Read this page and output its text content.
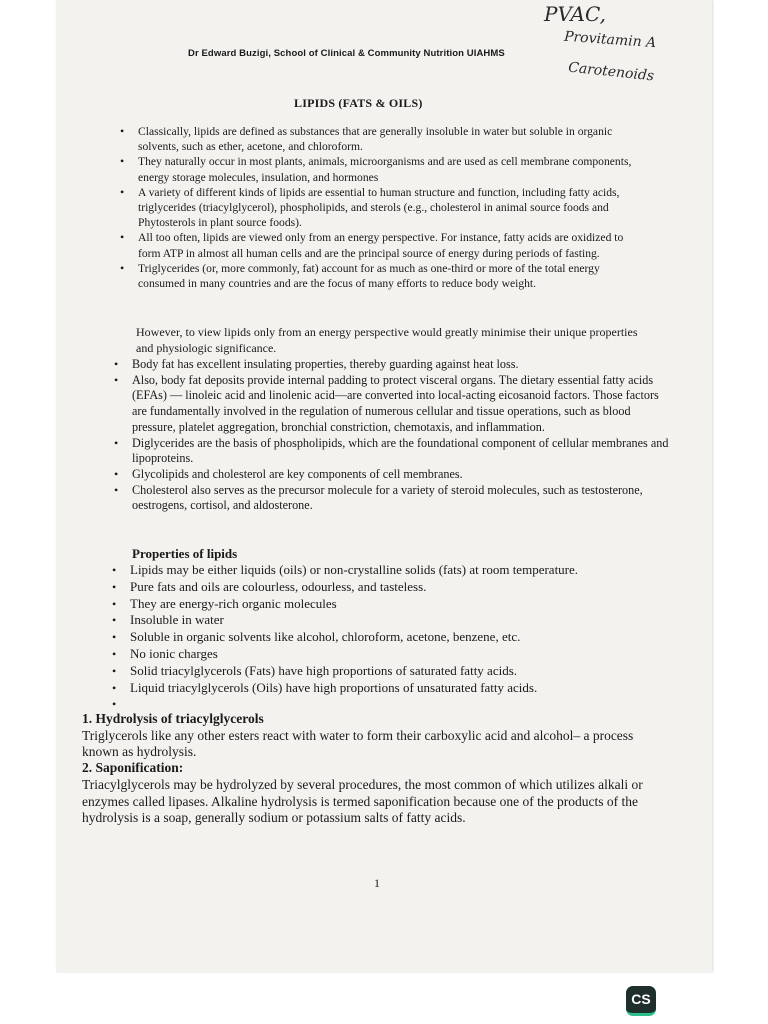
Dr Edward Buzigi, School of Clinical & Community Nutrition UIAHMS
PVAC,
Provitamin A
Carotenoids
LIPIDS (FATS & OILS)
• Classically, lipids are defined as substances that are generally insoluble in water but soluble in organic solvents, such as ether, acetone, and chloroform.
• They naturally occur in most plants, animals, microorganisms and are used as cell membrane components, energy storage molecules, insulation, and hormones
• A variety of different kinds of lipids are essential to human structure and function, including fatty acids, triglycerides (triacylglycerol), phospholipids, and sterols (e.g., cholesterol in animal source foods and Phytosterols in plant source foods).
• All too often, lipids are viewed only from an energy perspective. For instance, fatty acids are oxidized to form ATP in almost all human cells and are the principal source of energy during periods of fasting.
• Triglycerides (or, more commonly, fat) account for as much as one-third or more of the total energy consumed in many countries and are the focus of many efforts to reduce body weight.
However, to view lipids only from an energy perspective would greatly minimise their unique properties and physiologic significance.
• Body fat has excellent insulating properties, thereby guarding against heat loss.
• Also, body fat deposits provide internal padding to protect visceral organs. The dietary essential fatty acids (EFAs) — linoleic acid and linolenic acid—are converted into local-acting eicosanoid factors. Those factors are fundamentally involved in the regulation of numerous cellular and tissue operations, such as blood pressure, platelet aggregation, bronchial constriction, chemotaxis, and inflammation.
• Diglycerides are the basis of phospholipids, which are the foundational component of cellular membranes and lipoproteins.
• Glycolipids and cholesterol are key components of cell membranes.
• Cholesterol also serves as the precursor molecule for a variety of steroid molecules, such as testosterone, oestrogens, cortisol, and aldosterone.
Properties of lipids
• Lipids may be either liquids (oils) or non-crystalline solids (fats) at room temperature.
• Pure fats and oils are colourless, odourless, and tasteless.
• They are energy-rich organic molecules
• Insoluble in water
• Soluble in organic solvents like alcohol, chloroform, acetone, benzene, etc.
• No ionic charges
• Solid triacylglycerols (Fats) have high proportions of saturated fatty acids.
• Liquid triacylglycerols (Oils) have high proportions of unsaturated fatty acids.
•
1. Hydrolysis of triacylglycerols
Triglycerols like any other esters react with water to form their carboxylic acid and alcohol– a process known as hydrolysis.
2. Saponification:
Triacylglycerols may be hydrolyzed by several procedures, the most common of which utilizes alkali or enzymes called lipases. Alkaline hydrolysis is termed saponification because one of the products of the hydrolysis is a soap, generally sodium or potassium salts of fatty acids.
1
CS
